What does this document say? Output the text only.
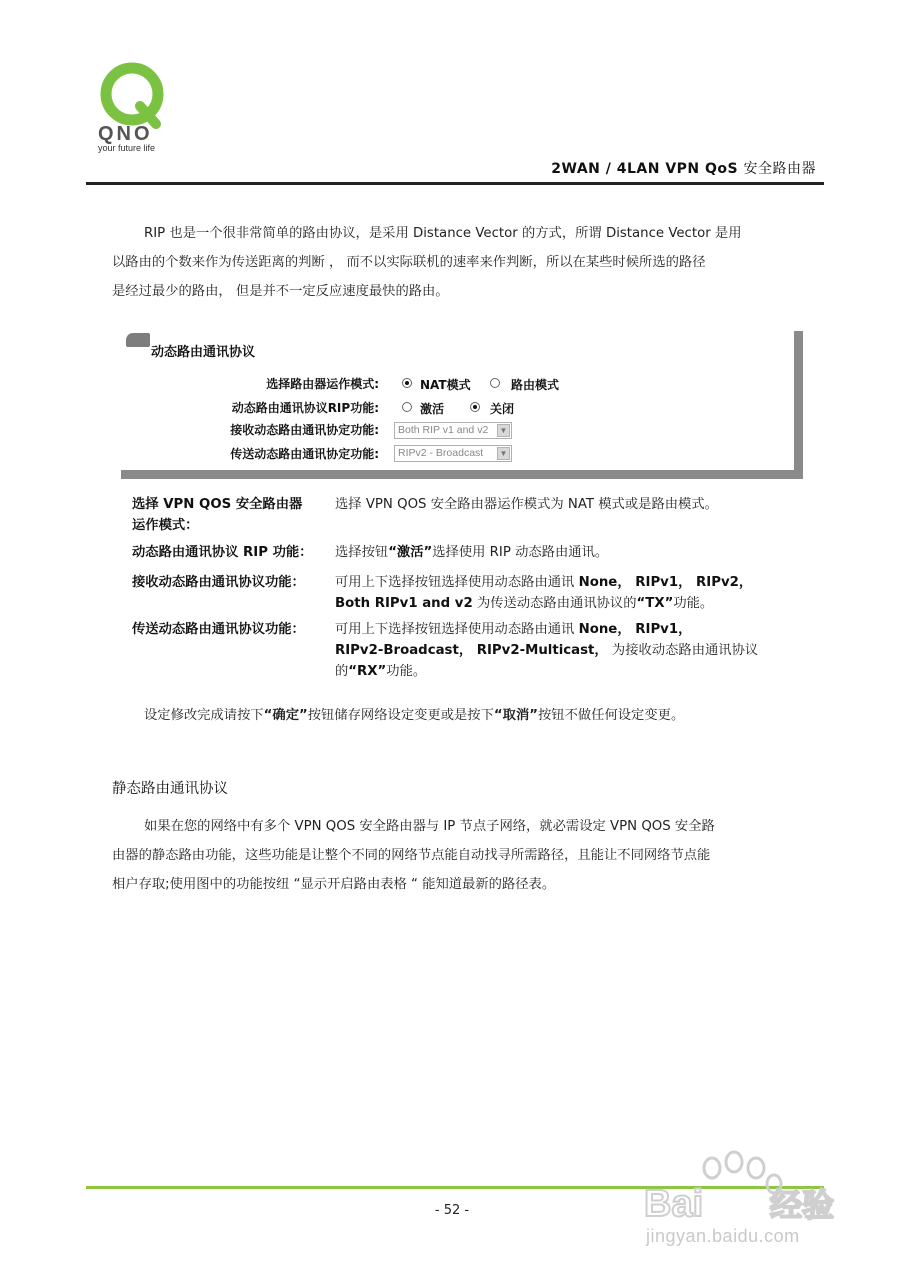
QNO
your future life
2WAN / 4LAN VPN QoS 安全路由器
RIP 也是一个很非常简单的路由协议，是采用 Distance Vector 的方式，所谓 Distance Vector 是用
以路由的个数来作为传送距离的判断 ， 而不以实际联机的速率来作判断，所以在某些时候所选的路径
是经过最少的路由， 但是并不一定反应速度最快的路由。
动态路由通讯协议
选择路由器运作模式:	NAT模式	路由模式
动态路由通讯协议RIP功能:	激活	关闭
接收动态路由通讯协定功能:	Both RIP v1 and v2	▼
传送动态路由通讯协定功能:	RIPv2 - Broadcast	▼
选择 VPN QOS 安全路由器
运作模式：
选择 VPN QOS 安全路由器运作模式为 NAT 模式或是路由模式。
动态路由通讯协议 RIP 功能： 选择按钮“激活”选择使用 RIP 动态路由通讯。
接收动态路由通讯协议功能： 可用上下选择按钮选择使用动态路由通讯 None， RIPv1， RIPv2，
Both RIPv1 and v2 为传送动态路由通讯协议的“TX”功能。
传送动态路由通讯协议功能： 可用上下选择按钮选择使用动态路由通讯 None， RIPv1，
RIPv2-Broadcast， RIPv2-Multicast， 为接收动态路由通讯协议
的“RX”功能。
设定修改完成请按下“确定”按钮储存网络设定变更或是按下“取消”按钮不做任何设定变更。
静态路由通讯协议
如果在您的网络中有多个 VPN QOS 安全路由器与 IP 节点子网络，就必需设定 VPN QOS 安全路
由器的静态路由功能，这些功能是让整个不同的网络节点能自动找寻所需路径，且能让不同网络节点能
相户存取;使用图中的功能按纽 “显示开启路由表格 “ 能知道最新的路径表。
- 52 -	Bai 经验
jingyan.baidu.com
